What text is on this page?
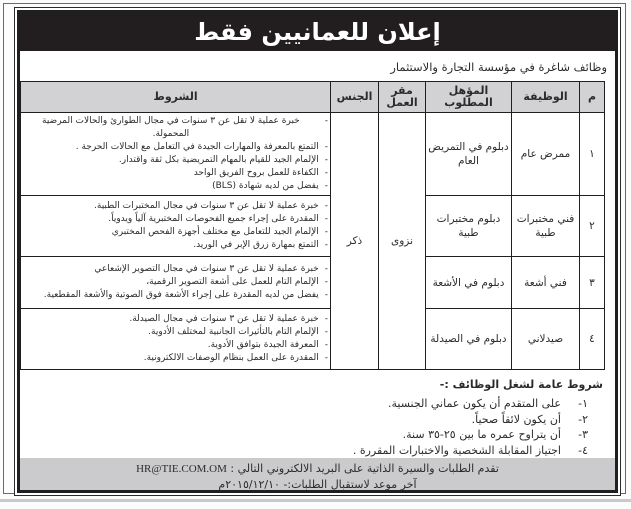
إعلان للعمانيين فقط
وظائف شاغرة في مؤسسة التجارة والاستثمار
م	الوظيفة	المؤهل المطلوب	مقر العمل	الجنس	الشروط
١	ممرض عام	دبلوم في التمريض العام	نزوى	ذكر	
-
خبرة عملية لا تقل عن ٣ سنوات في مجال الطوارئ والحالات المرضية المحمولة.
-
التمتع بالمعرفة والمهارات الجيدة في التعامل مع الحالات الحرجة .
-
الإلمام الجيد للقيام بالمهام التمريضية بكل ثقة واقتدار.
-
الكفاءة للعمل بروح الفريق الواحد
-
يفضل من لديه شهادة (BLS)

٢	فني مختبرات طبية	دبلوم مختبرات طبية	
-
خبرة عملية لا تقل عن ٣ سنوات في مجال المختبرات الطبية.
-
المقدرة على إجراء جميع الفحوصات المختبرية آلياً ويدوياً.
-
الإلمام الجيد للتعامل مع مختلف أجهزة الفحص المختبري
-
التمتع بمهارة زرق الإبر في الوريد.

٣	فني أشعة	دبلوم في الأشعة	
-
خبرة عملية لا تقل عن ٣ سنوات في مجال التصوير الإشعاعي
-
الإلمام التام للعمل على أشعة التصوير الرقمية،
-
يفضل من لديه المقدرة على إجراء الأشعة فوق الصوتية والأشعة المقطعية.

٤	صيدلاني	دبلوم في الصيدلة	
-
خبرة عملية لا تقل عن ٣ سنوات في مجال الصيدلة.
-
الإلمام التام بالتأثيرات الجانبية لمختلف الأدوية.
-
المعرفة الجيدة بتوافق الأدوية.
-
المقدرة على العمل بنظام الوصفات الالكترونية.
شروط عامة لشغل الوظائف :-
١-
على المتقدم أن يكون عماني الجنسية.
٢-
أن يكون لائقاً صحياً.
٣-
أن يتراوح عمره ما بين ٢٥-٣٥ سنة.
٤-
اجتياز المقابلة الشخصية والاختبارات المقررة .
تقدم الطلبات والسيرة الذاتية على البريد الالكتروني التالي : HR@TIE.COM.OM
آخر موعد لاستقبال الطلبات:- ٢٠١٥/١٢/١٠م
